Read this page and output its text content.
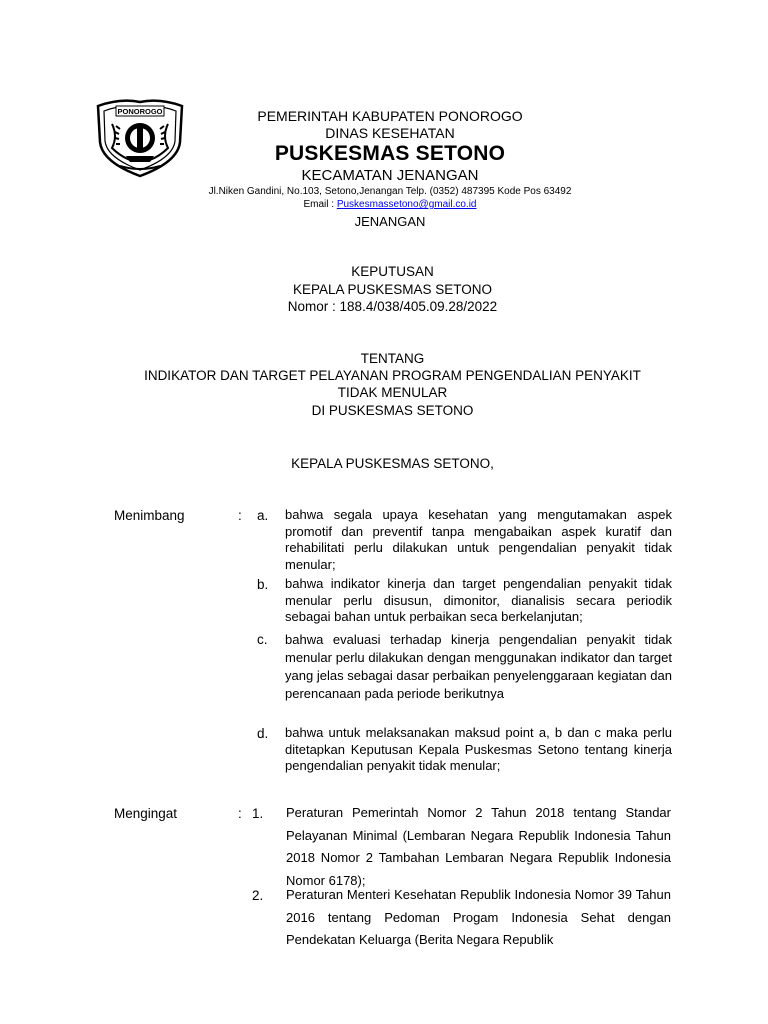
PONOROGO	PEMERINTAH KABUPATEN PONOROGO
DINAS KESEHATAN
PUSKESMAS SETONO
KECAMATAN JENANGAN
Jl.Niken Gandini, No.103, Setono,Jenangan Telp. (0352) 487395 Kode Pos 63492
Email : Puskesmassetono@gmail.co.id
JENANGAN
KEPUTUSAN
KEPALA PUSKESMAS SETONO
Nomor : 188.4/038/405.09.28/2022
TENTANG
INDIKATOR DAN TARGET PELAYANAN PROGRAM PENGENDALIAN PENYAKIT
TIDAK MENULAR
DI PUSKESMAS SETONO
KEPALA PUSKESMAS SETONO,
Menimbang	: a. bahwa segala upaya kesehatan yang mengutamakan aspek promotif dan preventif tanpa mengabaikan aspek kuratif dan rehabilitati perlu dilakukan untuk pengendalian penyakit tidak menular;
b. bahwa indikator kinerja dan target pengendalian penyakit tidak menular perlu disusun, dimonitor, dianalisis secara periodik sebagai bahan untuk perbaikan seca berkelanjutan;
c. bahwa evaluasi terhadap kinerja pengendalian penyakit tidak menular perlu dilakukan dengan menggunakan indikator dan target yang jelas sebagai dasar perbaikan penyelenggaraan kegiatan dan perencanaan pada periode berikutnya
d. bahwa untuk melaksanakan maksud point a, b dan c maka perlu ditetapkan Keputusan Kepala Puskesmas Setono tentang kinerja pengendalian penyakit tidak menular;
Mengingat	: 1. Peraturan Pemerintah Nomor 2 Tahun 2018 tentang Standar Pelayanan Minimal (Lembaran Negara Republik Indonesia Tahun 2018 Nomor 2 Tambahan Lembaran Negara Republik Indonesia Nomor 6178);
2. Peraturan Menteri Kesehatan Republik Indonesia Nomor 39 Tahun 2016 tentang Pedoman Progam Indonesia Sehat dengan Pendekatan Keluarga (Berita Negara Republik
